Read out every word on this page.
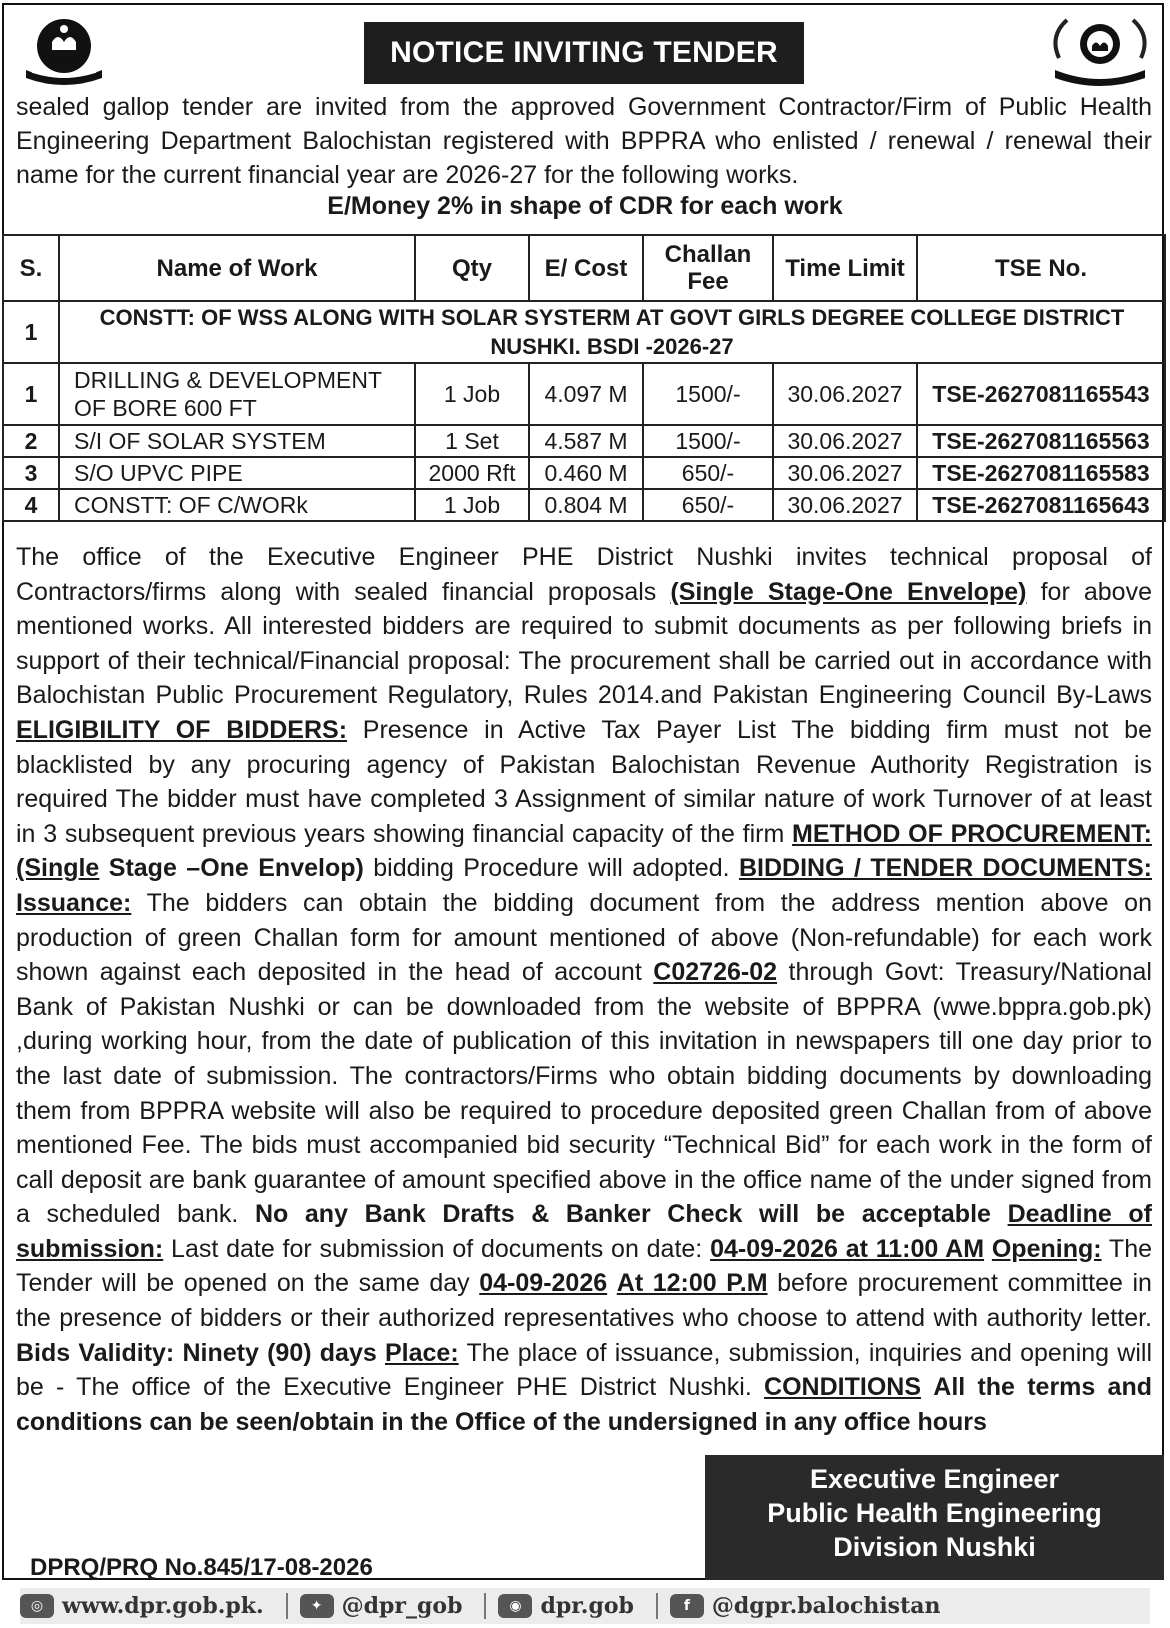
NOTICE INVITING TENDER

sealed gallop tender are invited from the approved Government Contractor/Firm of Public Health Engineering Department Balochistan registered with BPPRA who enlisted / renewal / renewal their name for the current financial year are 2026-27 for the following works.

E/Money 2% in shape of CDR for each work
S.	Name of Work	Qty	E/ Cost	Challan Fee	Time Limit	TSE No.
1	CONSTT: OF WSS ALONG WITH SOLAR SYSTERM AT GOVT GIRLS DEGREE COLLEGE DISTRICT NUSHKI. BSDI -2026-27					
1	DRILLING & DEVELOPMENT OF BORE 600 FT	1 Job	4.097 M	1500/-	30.06.2027	TSE-2627081165543
2	S/I OF SOLAR SYSTEM	1 Set	4.587 M	1500/-	30.06.2027	TSE-2627081165563
3	S/O UPVC PIPE	2000 Rft	0.460 M	650/-	30.06.2027	TSE-2627081165583
4	CONSTT: OF C/WORk	1 Job	0.804 M	650/-	30.06.2027	TSE-2627081165643
The office of the Executive Engineer PHE District Nushki invites technical proposal of Contractors/firms along with sealed financial proposals (Single Stage-One Envelope) for above mentioned works. All interested bidders are required to submit documents as per following briefs in support of their technical/Financial proposal: The procurement shall be carried out in accordance with Balochistan Public Procurement Regulatory, Rules 2014.and Pakistan Engineering Council By-Laws ELIGIBILITY OF BIDDERS: Presence in Active Tax Payer List The bidding firm must not be blacklisted by any procuring agency of Pakistan Balochistan Revenue Authority Registration is required The bidder must have completed 3 Assignment of similar nature of work Turnover of at least in 3 subsequent previous years showing financial capacity of the firm METHOD OF PROCUREMENT: (Single Stage –One Envelop) bidding Procedure will adopted. BIDDING / TENDER DOCUMENTS: Issuance: The bidders can obtain the bidding document from the address mention above on production of green Challan form for amount mentioned of above (Non-refundable) for each work shown against each deposited in the head of account C02726-02 through Govt: Treasury/National Bank of Pakistan Nushki or can be downloaded from the website of BPPRA (wwe.bppra.gob.pk) ,during working hour, from the date of publication of this invitation in newspapers till one day prior to the last date of submission. The contractors/Firms who obtain bidding documents by downloading them from BPPRA website will also be required to procedure deposited green Challan from of above mentioned Fee. The bids must accompanied bid security “Technical Bid” for each work in the form of call deposit are bank guarantee of amount specified above in the office name of the under signed from a scheduled bank. No any Bank Drafts & Banker Check will be acceptable Deadline of submission: Last date for submission of documents on date: 04-09-2026 at 11:00 AM Opening: The Tender will be opened on the same day 04-09-2026 At 12:00 P.M before procurement committee in the presence of bidders or their authorized representatives who choose to attend with authority letter. Bids Validity: Ninety (90) days Place: The place of issuance, submission, inquiries and opening will be - The office of the Executive Engineer PHE District Nushki. CONDITIONS All the terms and conditions can be seen/obtain in the Office of the undersigned in any office hours
Executive Engineer
Public Health Engineering
Division Nushki
DPRQ/PRQ No.845/17-08-2026
◎ www.dpr.gob.pk.	✦ @dpr_gob	◉ dpr.gob	f @dgpr.balochistan
